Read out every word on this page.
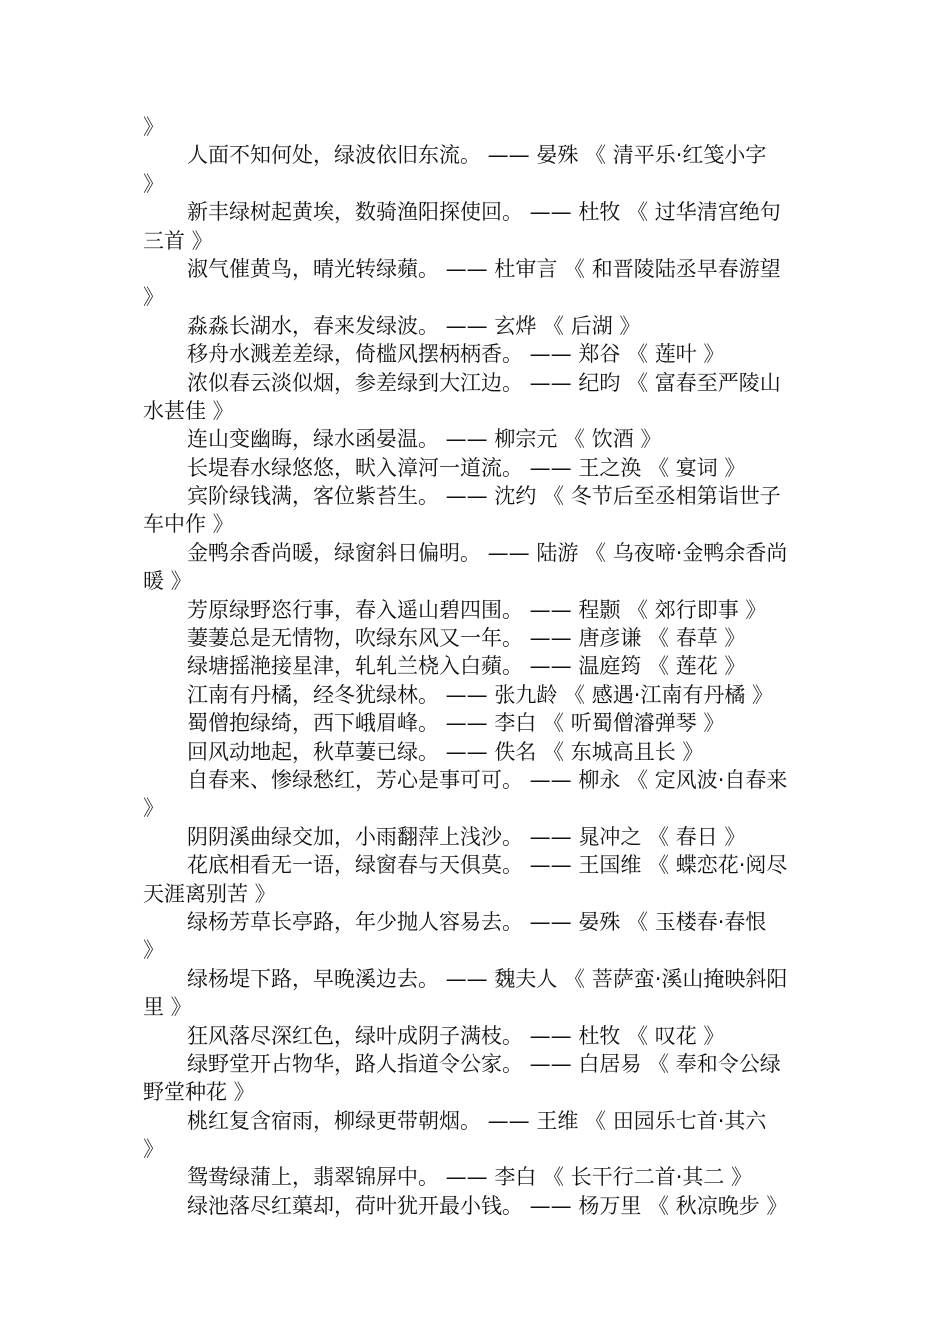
》
人面不知何处，绿波依旧东流。 —— 晏殊 《 清平乐·红笺小字
》
新丰绿树起黄埃，数骑渔阳探使回。 —— 杜牧 《 过华清宫绝句
三首 》
淑气催黄鸟，晴光转绿蘋。 —— 杜审言 《 和晋陵陆丞早春游望
》
淼淼长湖水，春来发绿波。 —— 玄烨 《 后湖 》
移舟水溅差差绿，倚槛风摆柄柄香。 —— 郑谷 《 莲叶 》
浓似春云淡似烟，参差绿到大江边。 —— 纪昀 《 富春至严陵山
水甚佳 》
连山变幽晦，绿水函晏温。 —— 柳宗元 《 饮酒 》
长堤春水绿悠悠，畎入漳河一道流。 —— 王之涣 《 宴词 》
宾阶绿钱满，客位紫苔生。 —— 沈约 《 冬节后至丞相第诣世子
车中作 》
金鸭余香尚暖，绿窗斜日偏明。 —— 陆游 《 乌夜啼·金鸭余香尚
暖 》
芳原绿野恣行事，春入遥山碧四围。 —— 程颢 《 郊行即事 》
萋萋总是无情物，吹绿东风又一年。 —— 唐彦谦 《 春草 》
绿塘摇滟接星津，轧轧兰桡入白蘋。 —— 温庭筠 《 莲花 》
江南有丹橘，经冬犹绿林。 —— 张九龄 《 感遇·江南有丹橘 》
蜀僧抱绿绮，西下峨眉峰。 —— 李白 《 听蜀僧濬弹琴 》
回风动地起，秋草萋已绿。 —— 佚名 《 东城高且长 》
自春来、惨绿愁红，芳心是事可可。 —— 柳永 《 定风波·自春来
》
阴阴溪曲绿交加，小雨翻萍上浅沙。 —— 晁冲之 《 春日 》
花底相看无一语，绿窗春与天俱莫。 —— 王国维 《 蝶恋花·阅尽
天涯离别苦 》
绿杨芳草长亭路，年少抛人容易去。 —— 晏殊 《 玉楼春·春恨
》
绿杨堤下路，早晚溪边去。 —— 魏夫人 《 菩萨蛮·溪山掩映斜阳
里 》
狂风落尽深红色，绿叶成阴子满枝。 —— 杜牧 《 叹花 》
绿野堂开占物华，路人指道令公家。 —— 白居易 《 奉和令公绿
野堂种花 》
桃红复含宿雨，柳绿更带朝烟。 —— 王维 《 田园乐七首·其六
》
鸳鸯绿蒲上，翡翠锦屏中。 —— 李白 《 长干行二首·其二 》
绿池落尽红蕖却，荷叶犹开最小钱。 —— 杨万里 《 秋凉晚步 》
